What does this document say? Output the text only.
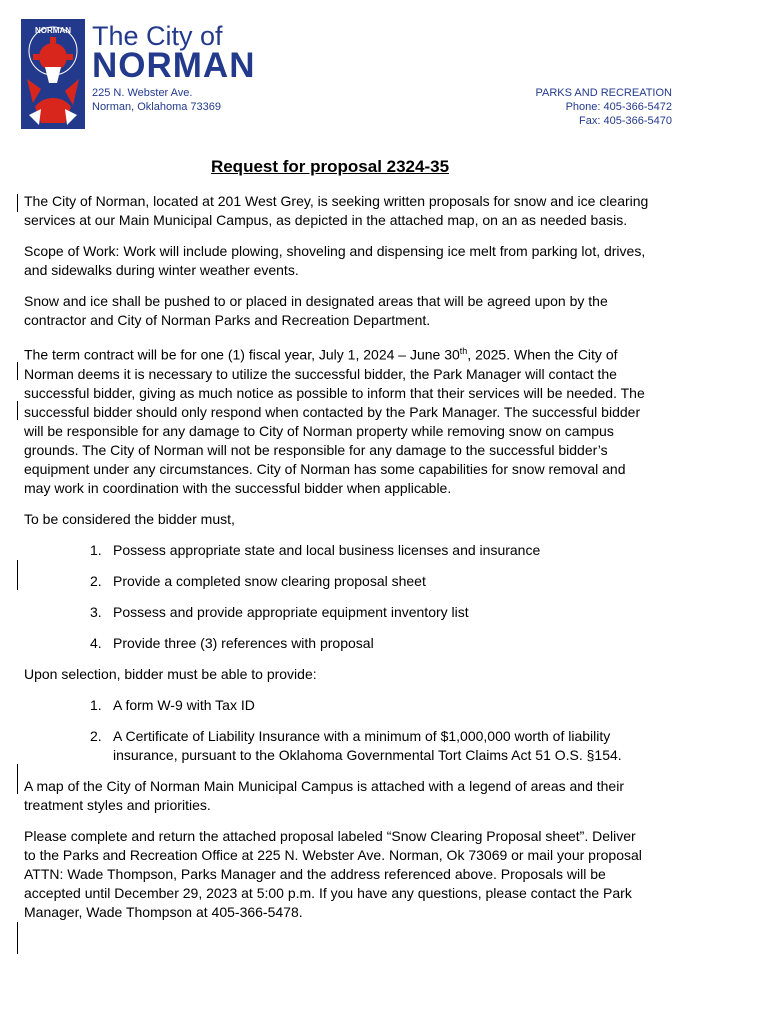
NORMAN The City of
NORMAN
225 N. Webster Ave.
Norman, Oklahoma 73369
PARKS AND RECREATION
Phone: 405-366-5472
Fax: 405-366-5470
Request for proposal 2324-35

The City of Norman, located at 201 West Grey, is seeking written proposals for snow and ice clearing services at our Main Municipal Campus, as depicted in the attached map, on an as needed basis.

Scope of Work: Work will include plowing, shoveling and dispensing ice melt from parking lot, drives, and sidewalks during winter weather events.

Snow and ice shall be pushed to or placed in designated areas that will be agreed upon by the contractor and City of Norman Parks and Recreation Department.

The term contract will be for one (1) fiscal year, July 1, 2024 – June 30th, 2025. When the City of Norman deems it is necessary to utilize the successful bidder, the Park Manager will contact the successful bidder, giving as much notice as possible to inform that their services will be needed. The successful bidder should only respond when contacted by the Park Manager. The successful bidder will be responsible for any damage to City of Norman property while removing snow on campus grounds. The City of Norman will not be responsible for any damage to the successful bidder’s equipment under any circumstances. City of Norman has some capabilities for snow removal and may work in coordination with the successful bidder when applicable.

To be considered the bidder must,

1. Possess appropriate state and local business licenses and insurance
2. Provide a completed snow clearing proposal sheet
3. Possess and provide appropriate equipment inventory list
4. Provide three (3) references with proposal

Upon selection, bidder must be able to provide:

1. A form W-9 with Tax ID
2. A Certificate of Liability Insurance with a minimum of $1,000,000 worth of liability insurance, pursuant to the Oklahoma Governmental Tort Claims Act 51 O.S. §154.

A map of the City of Norman Main Municipal Campus is attached with a legend of areas and their treatment styles and priorities.

Please complete and return the attached proposal labeled “Snow Clearing Proposal sheet”. Deliver to the Parks and Recreation Office at 225 N. Webster Ave. Norman, Ok 73069 or mail your proposal ATTN: Wade Thompson, Parks Manager and the address referenced above. Proposals will be accepted until December 29, 2023 at 5:00 p.m. If you have any questions, please contact the Park Manager, Wade Thompson at 405-366-5478.
